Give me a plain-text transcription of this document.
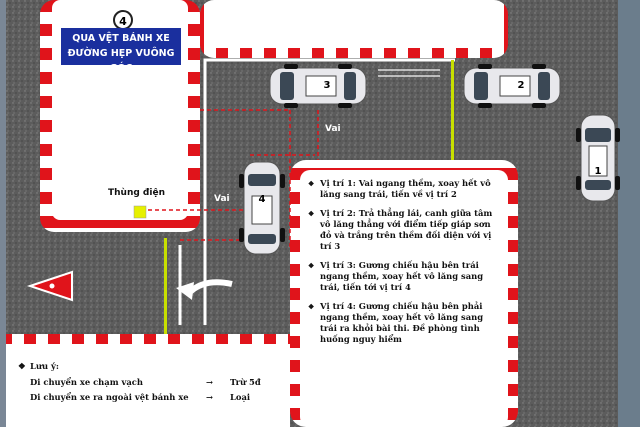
1
2
3
4
4
QUA VỆT BÁNH XE
ĐƯỜNG HẸP VUÔNG GÓC
Thùng điện
Vai
Vai
❖ Vị trí 1: Vai ngang thềm, xoay hết vô lăng sang trái, tiến về vị trí 2
❖ Vị trí 2: Trả thẳng lái, canh giữa tâm vô lăng thẳng với điểm tiếp giáp sơn đỏ và trắng trên thềm đối diện với vị trí 3
❖ Vị trí 3: Gương chiếu hậu bên trái ngang thềm, xoay hết vô lăng sang trái, tiến tới vị trí 4
❖ Vị trí 4: Gương chiếu hậu bên phải ngang thềm, xoay hết vô lăng sang trái ra khỏi bài thi. Đề phòng tình huống nguy hiểm
❖ Lưu ý:
Di chuyển xe chạm vạch	→	Trừ 5đ
Di chuyển xe ra ngoài vệt bánh xe	→	Loại
